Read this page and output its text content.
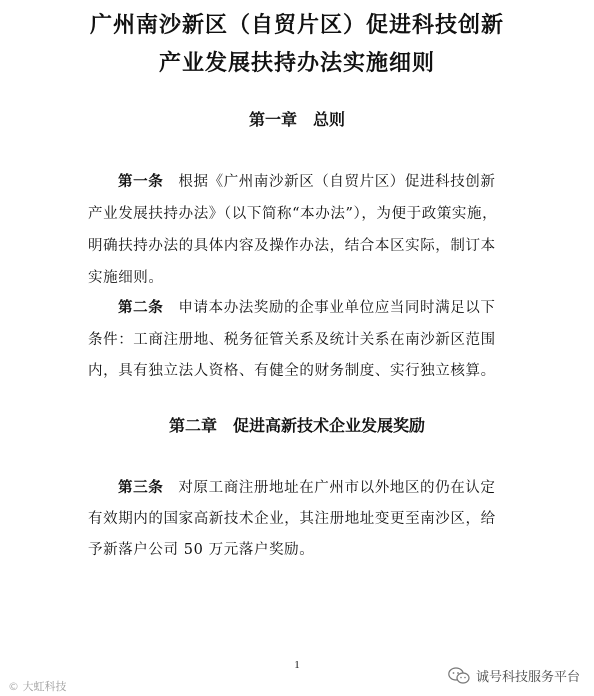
广州南沙新区（自贸片区）促进科技创新
产业发展扶持办法实施细则
第一章　总则
第一条　根据《广州南沙新区（自贸片区）促进科技创新
产业发展扶持办法》（以下简称“本办法”），为便于政策实施，
明确扶持办法的具体内容及操作办法，结合本区实际，制订本
实施细则。
第二条　申请本办法奖励的企事业单位应当同时满足以下
条件：工商注册地、税务征管关系及统计关系在南沙新区范围
内，具有独立法人资格、有健全的财务制度、实行独立核算。
第二章　促进高新技术企业发展奖励
第三条　对原工商注册地址在广州市以外地区的仍在认定
有效期内的国家高新技术企业，其注册地址变更至南沙区，给
予新落户公司 50 万元落户奖励。
1
© 大虹科技
诚号科技服务平台
